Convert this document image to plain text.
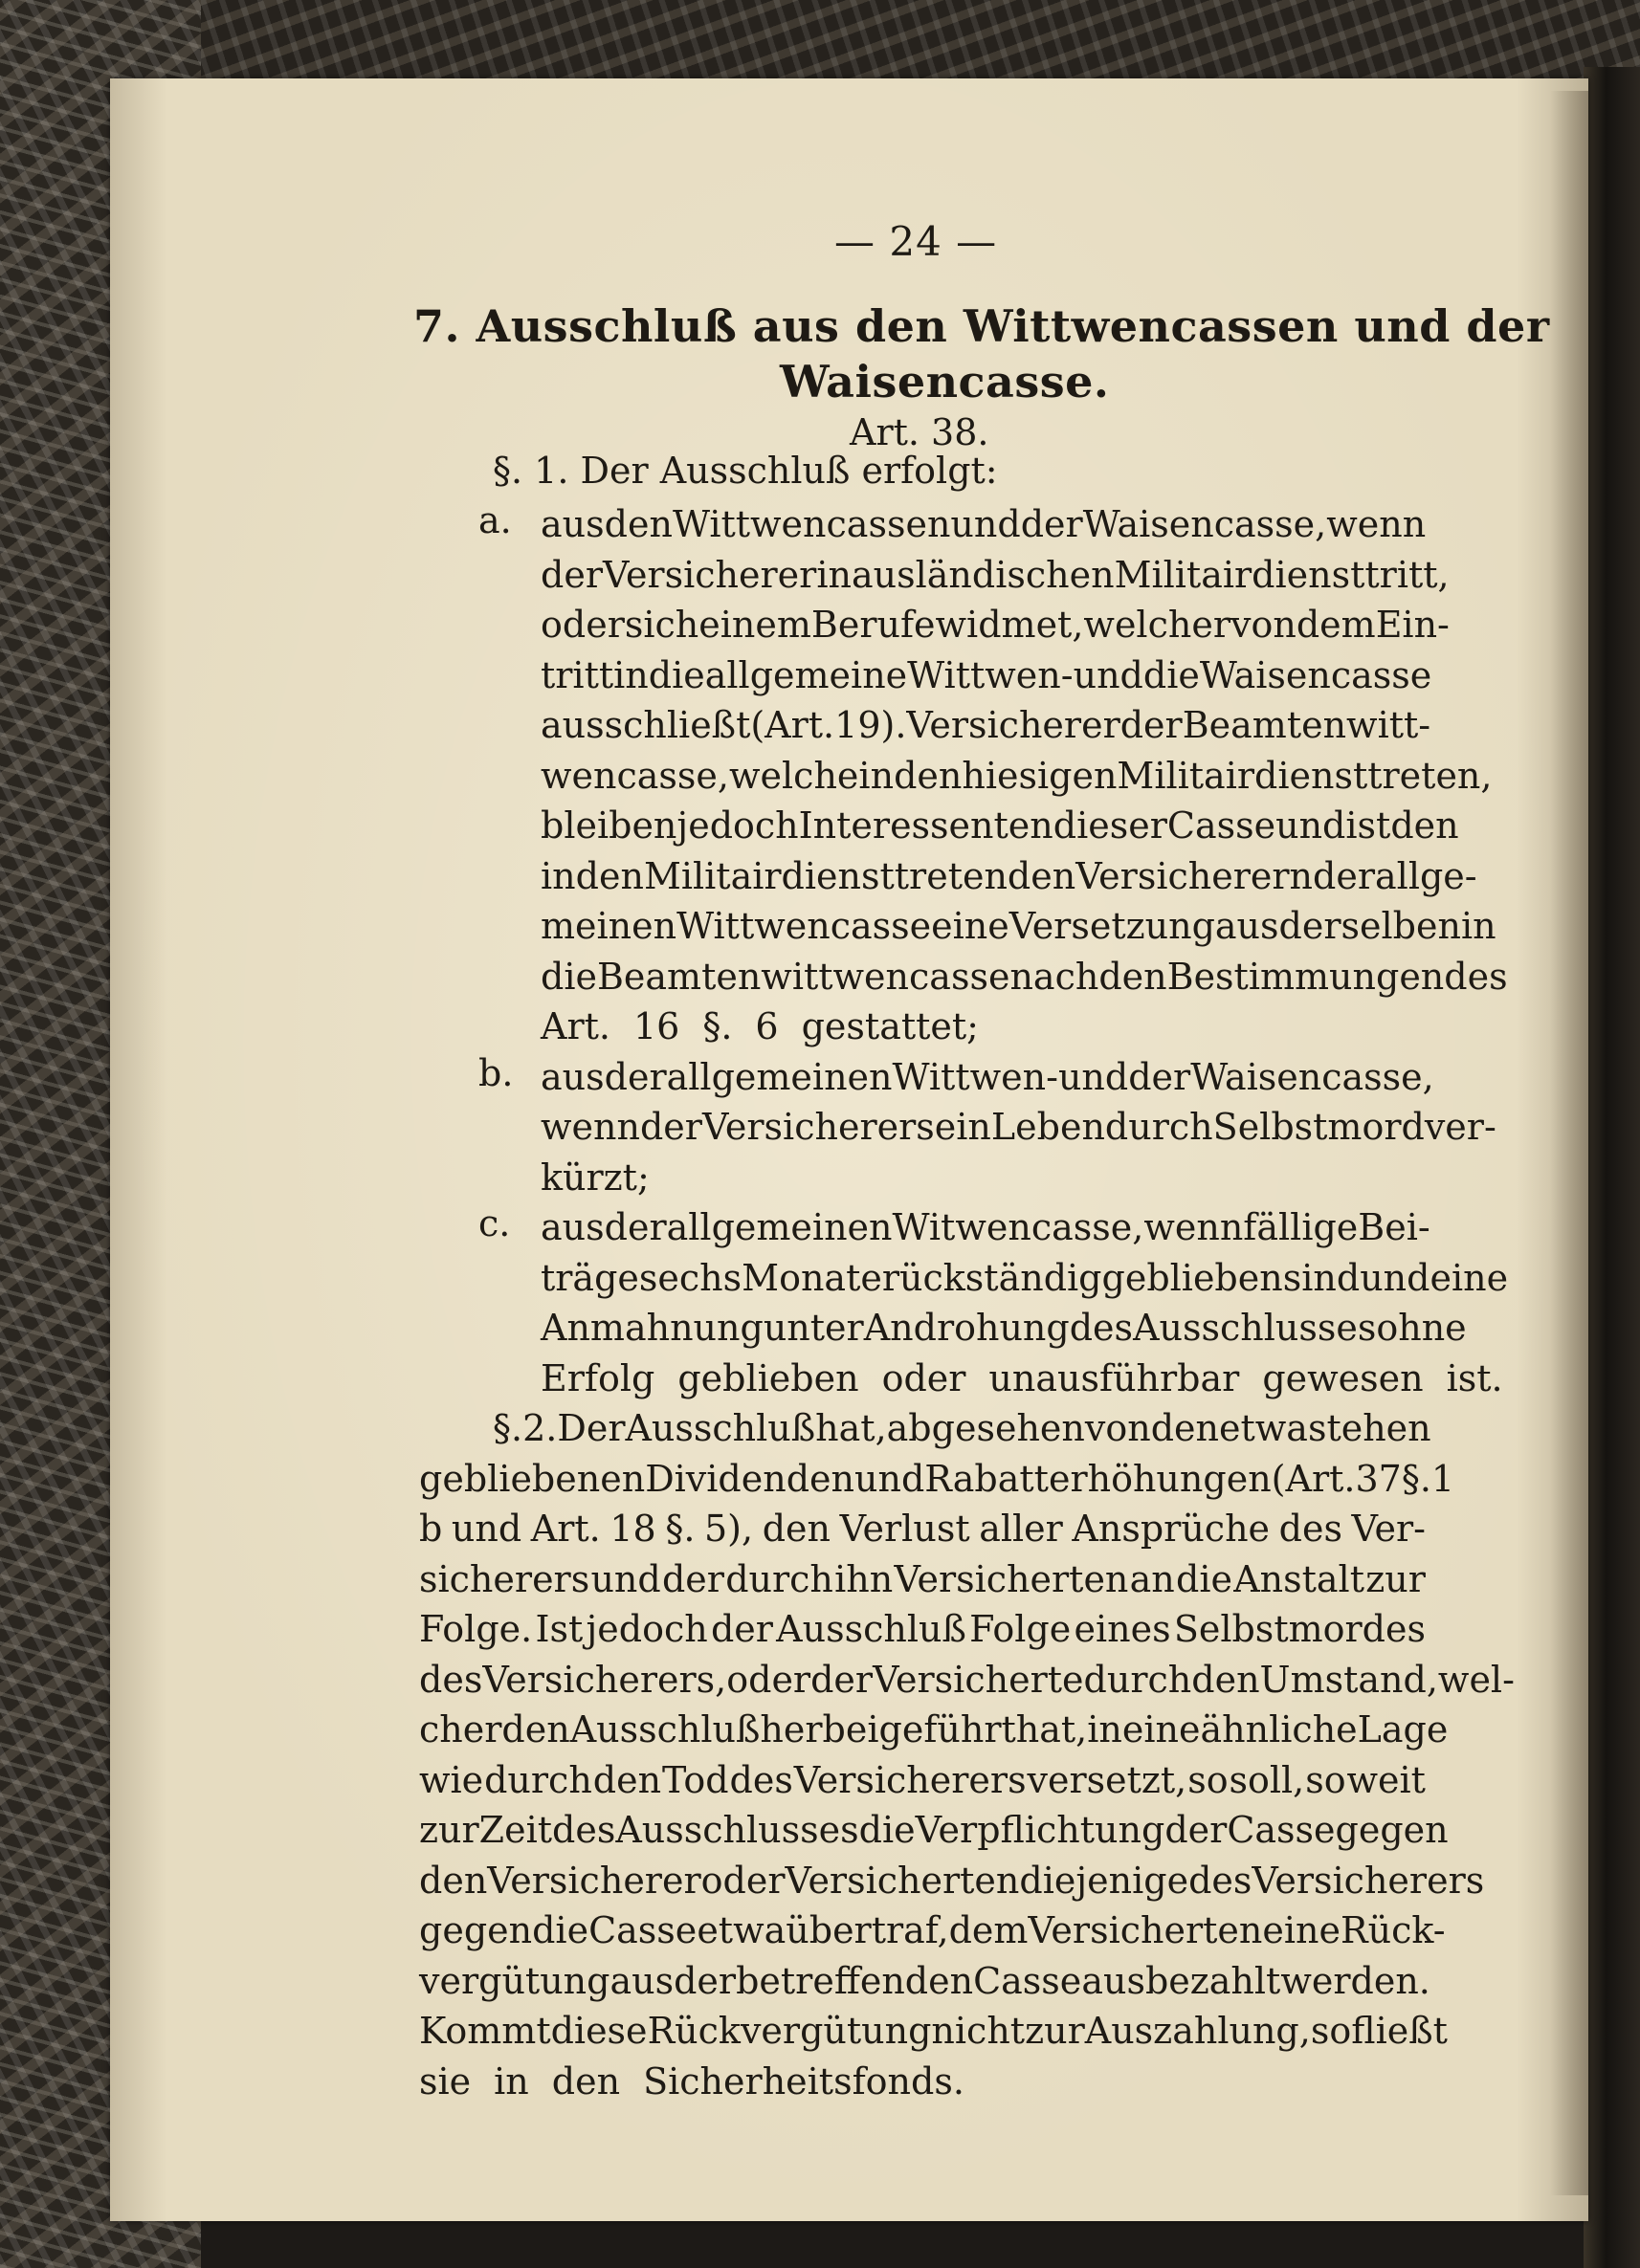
— 24 —
7. Ausschluß aus den Wittwencassen und der
Waisencasse.
Art. 38.
§. 1. Der Ausschluß erfolgt:
a. aus den Wittwencassen und der Waisencasse, wenn
der Versicherer in ausländischen Militairdienst tritt,
oder sich einem Berufe widmet, welcher von dem Ein-
tritt in die allgemeine Wittwen- und die Waisencasse
ausschließt (Art. 19). Versicherer der Beamtenwitt-
wencasse, welche in den hiesigen Militairdienst treten,
bleiben jedoch Interessenten dieser Casse und ist den
in den Militairdienst tretenden Versicherern der allge-
meinen Wittwencasse eine Versetzung aus derselben in
die Beamtenwittwencasse nach den Bestimmungen des
Art. 16 §. 6 gestattet;
b. aus der allgemeinen Wittwen- und der Waisencasse,
wenn der Versicherer sein Leben durch Selbstmord ver-
kürzt;
c. aus der allgemeinen Witwencasse, wenn fällige Bei-
träge sechs Monate rückständig geblieben sind und eine
Anmahnung unter Androhung des Ausschlusses ohne
Erfolg geblieben oder unausführbar gewesen ist.
§. 2. Der Ausschluß hat, abgesehen von den etwa stehen
gebliebenen Dividenden und Rabatterhöhungen (Art. 37 §. 1
b und Art. 18 §. 5), den Verlust aller Ansprüche des Ver-
sicherers und der durch ihn Versicherten an die Anstalt zur
Folge. Ist jedoch der Ausschluß Folge eines Selbstmordes
des Versicherers, oder der Versicherte durch den Umstand, wel-
cher den Ausschluß herbeigeführt hat, in eine ähnliche Lage
wie durch den Tod des Versicherers versetzt, so soll, so weit
zur Zeit des Ausschlusses die Verpflichtung der Casse gegen
den Versicherer oder Versicherten diejenige des Versicherers
gegen die Casse etwa übertraf, dem Versicherten eine Rück-
vergütung aus der betreffenden Casse ausbezahlt werden.
Kommt diese Rückvergütung nicht zur Auszahlung, so fließt
sie in den Sicherheitsfonds.
